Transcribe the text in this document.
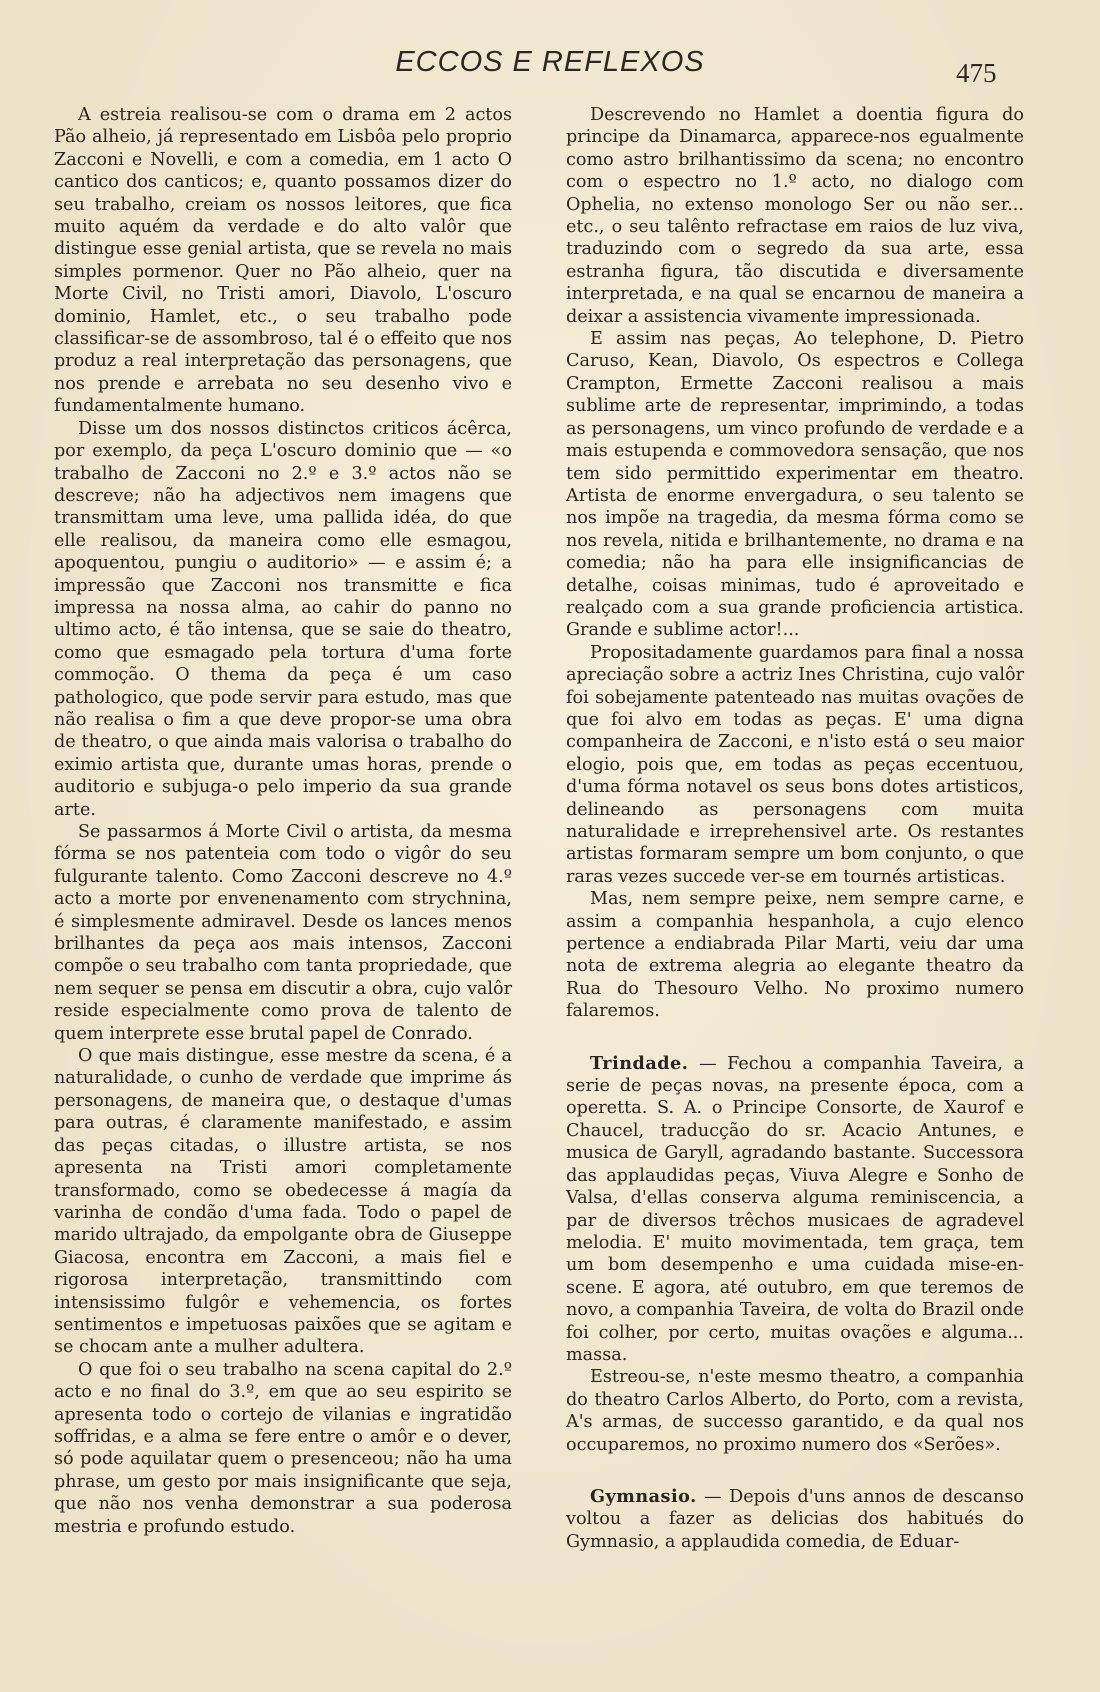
ECCOS E REFLEXOS	475

A estreia realisou-se com o drama em 2 actos Pão alheio, já representado em Lisbôa pelo proprio Zacconi e Novelli, e com a comedia, em 1 acto O cantico dos canticos; e, quanto possamos dizer do seu trabalho, creiam os nossos leitores, que fica muito aquém da verdade e do alto valôr que distingue esse genial artista, que se revela no mais simples pormenor. Quer no Pão alheio, quer na Morte Civil, no Tristi amori, Diavolo, L'oscuro dominio, Hamlet, etc., o seu trabalho pode classificar-se de assombroso, tal é o effeito que nos produz a real interpretação das personagens, que nos prende e arrebata no seu desenho vivo e fundamentalmente humano.

Disse um dos nossos distinctos criticos ácêrca, por exemplo, da peça L'oscuro dominio que — «o trabalho de Zacconi no 2.º e 3.º actos não se descreve; não ha adjectivos nem imagens que transmittam uma leve, uma pallida idéa, do que elle realisou, da maneira como elle esmagou, apoquentou, pungiu o auditorio» — e assim é; a impressão que Zacconi nos transmitte e fica impressa na nossa alma, ao cahir do panno no ultimo acto, é tão intensa, que se saie do theatro, como que esmagado pela tortura d'uma forte commoção. O thema da peça é um caso pathologico, que pode servir para estudo, mas que não realisa o fim a que deve propor-se uma obra de theatro, o que ainda mais valorisa o trabalho do eximio artista que, durante umas horas, prende o auditorio e subjuga-o pelo imperio da sua grande arte.

Se passarmos á Morte Civil o artista, da mesma fórma se nos patenteia com todo o vigôr do seu fulgurante talento. Como Zacconi descreve no 4.º acto a morte por envenenamento com strychnina, é simplesmente admiravel. Desde os lances menos brilhantes da peça aos mais intensos, Zacconi compõe o seu trabalho com tanta propriedade, que nem sequer se pensa em discutir a obra, cujo valôr reside especialmente como prova de talento de quem interprete esse brutal papel de Conrado.

O que mais distingue, esse mestre da scena, é a naturalidade, o cunho de verdade que imprime ás personagens, de maneira que, o destaque d'umas para outras, é claramente manifestado, e assim das peças citadas, o illustre artista, se nos apresenta na Tristi amori completamente transformado, como se obedecesse á magía da varinha de condão d'uma fada. Todo o papel de marido ultrajado, da empolgante obra de Giuseppe Giacosa, encontra em Zacconi, a mais fiel e rigorosa interpretação, transmittindo com intensissimo fulgôr e vehemencia, os fortes sentimentos e impetuosas paixões que se agitam e se chocam ante a mulher adultera.

O que foi o seu trabalho na scena capital do 2.º acto e no final do 3.º, em que ao seu espirito se apresenta todo o cortejo de vilanias e ingratidão soffridas, e a alma se fere entre o amôr e o dever, só pode aquilatar quem o presenceou; não ha uma phrase, um gesto por mais insignificante que seja, que não nos venha demonstrar a sua poderosa mestria e profundo estudo.

Descrevendo no Hamlet a doentia figura do principe da Dinamarca, apparece-nos egualmente como astro brilhantissimo da scena; no encontro com o espectro no 1.º acto, no dialogo com Ophelia, no extenso monologo Ser ou não ser... etc., o seu talênto refractase em raios de luz viva, traduzindo com o segredo da sua arte, essa estranha figura, tão discutida e diversamente interpretada, e na qual se encarnou de maneira a deixar a assistencia vivamente impressionada.

E assim nas peças, Ao telephone, D. Pietro Caruso, Kean, Diavolo, Os espectros e Collega Crampton, Ermette Zacconi realisou a mais sublime arte de representar, imprimindo, a todas as personagens, um vinco profundo de verdade e a mais estupenda e commovedora sensação, que nos tem sido permittido experimentar em theatro. Artista de enorme envergadura, o seu talento se nos impõe na tragedia, da mesma fórma como se nos revela, nitida e brilhantemente, no drama e na comedia; não ha para elle insignificancias de detalhe, coisas minimas, tudo é aproveitado e realçado com a sua grande proficiencia artistica. Grande e sublime actor!...

Propositadamente guardamos para final a nossa apreciação sobre a actriz Ines Christina, cujo valôr foi sobejamente patenteado nas muitas ovações de que foi alvo em todas as peças. E' uma digna companheira de Zacconi, e n'isto está o seu maior elogio, pois que, em todas as peças eccentuou, d'uma fórma notavel os seus bons dotes artisticos, delineando as personagens com muita naturalidade e irreprehensivel arte. Os restantes artistas formaram sempre um bom conjunto, o que raras vezes succede ver-se em tournés artisticas.

Mas, nem sempre peixe, nem sempre carne, e assim a companhia hespanhola, a cujo elenco pertence a endiabrada Pilar Marti, veiu dar uma nota de extrema alegria ao elegante theatro da Rua do Thesouro Velho. No proximo numero falaremos.

Trindade. — Fechou a companhia Taveira, a serie de peças novas, na presente época, com a operetta. S. A. o Principe Consorte, de Xaurof e Chaucel, traducção do sr. Acacio Antunes, e musica de Garyll, agradando bastante. Successora das applaudidas peças, Viuva Alegre e Sonho de Valsa, d'ellas conserva alguma reminiscencia, a par de diversos trêchos musicaes de agradevel melodia. E' muito movimentada, tem graça, tem um bom desempenho e uma cuidada mise-en-scene. E agora, até outubro, em que teremos de novo, a companhia Taveira, de volta do Brazil onde foi colher, por certo, muitas ovações e alguma... massa.

Estreou-se, n'este mesmo theatro, a companhia do theatro Carlos Alberto, do Porto, com a revista, A's armas, de successo garantido, e da qual nos occuparemos, no proximo numero dos «Serões».

Gymnasio. — Depois d'uns annos de descanso voltou a fazer as delicias dos habitués do Gymnasio, a applaudida comedia, de Eduar-
